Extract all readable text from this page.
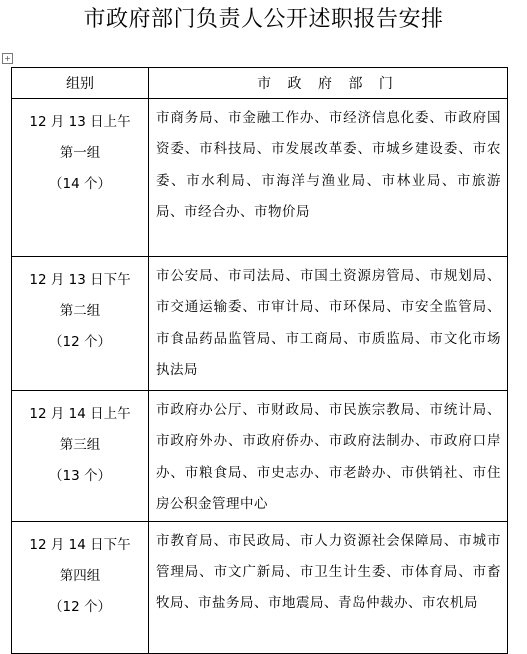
市政府部门负责人公开述职报告安排
+
组别	市 政 府 部 门

12 月 13 日上午
第一组
（14 个）	市商务局、市金融工作办、市经济信息化委、市政府国资委、市科技局、市发展改革委、市城乡建设委、市农委、市水利局、市海洋与渔业局、市林业局、市旅游局、市经合办、市物价局

12 月 13 日下午
第二组
（12 个）	市公安局、市司法局、市国土资源房管局、市规划局、市交通运输委、市审计局、市环保局、市安全监管局、市食品药品监管局、市工商局、市质监局、市文化市场执法局

12 月 14 日上午
第三组
（13 个）	市政府办公厅、市财政局、市民族宗教局、市统计局、市政府外办、市政府侨办、市政府法制办、市政府口岸办、市粮食局、市史志办、市老龄办、市供销社、市住房公积金管理中心

12 月 14 日下午
第四组
（12 个）	市教育局、市民政局、市人力资源社会保障局、市城市管理局、市文广新局、市卫生计生委、市体育局、市畜牧局、市盐务局、市地震局、青岛仲裁办、市农机局
